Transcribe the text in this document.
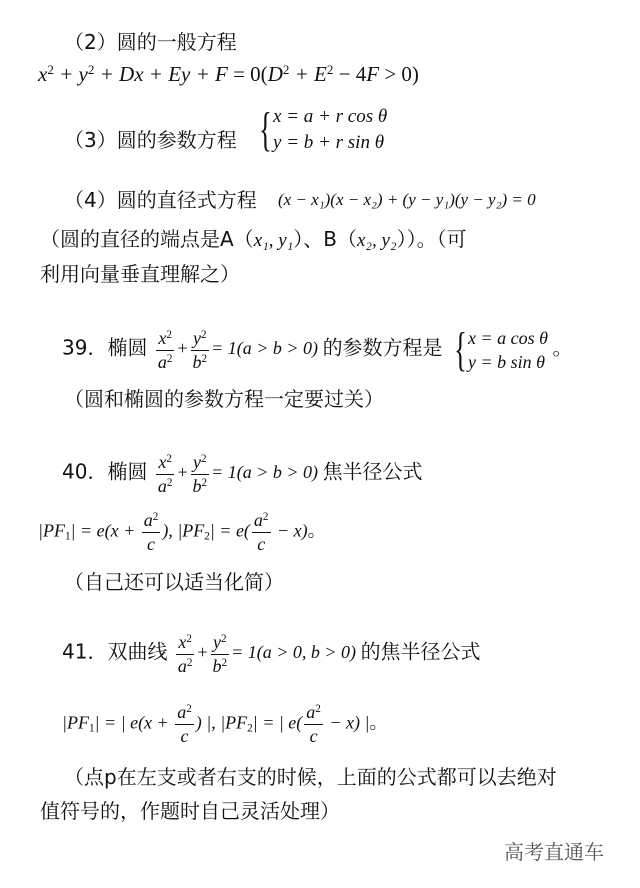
（2）圆的一般方程
$x^2 + y^2 + Dx + Ey + F = 0(D^2 + E^2 - 4F > 0)$
（3）圆的参数方程 { x = a + r cos θ
y = b + r sin θ
（4）圆的直径式方程 (x − x₁)(x − x₂) + (y − y₁)(y − y₂) = 0
（圆的直径的端点是A（x₁, y₁）、B（x₂, y₂））。（可
利用向量垂直理解之）
39．椭圆 $\frac{x^2}{a^2} + \frac{y^2}{b^2} = 1(a > b > 0)$ 的参数方程是 { x = a cos θ
y = b sin θ
。
（圆和椭圆的参数方程一定要过关）
40．椭圆 $\frac{x^2}{a^2} + \frac{y^2}{b^2} = 1(a > b > 0)$ 焦半径公式
$|PF_1| = e(x + \frac{a^2}{c}$ ), $|PF_2| = e( \frac{a^2}{c} - x)$。
（自己还可以适当化简）
41．双曲线 $\frac{x^2}{a^2} + \frac{y^2}{b^2} = 1(a > 0$, b > 0) 的焦半径公式
$|PF_1|$ = | $e(x + \frac{a^2}{c}$ ) |, $|PF_2|$ = | $e( \frac{a^2}{c} - x)$ |。
（点p在左支或者右支的时候，上面的公式都可以去绝对
值符号的，作题时自己灵活处理）
高考直通车
